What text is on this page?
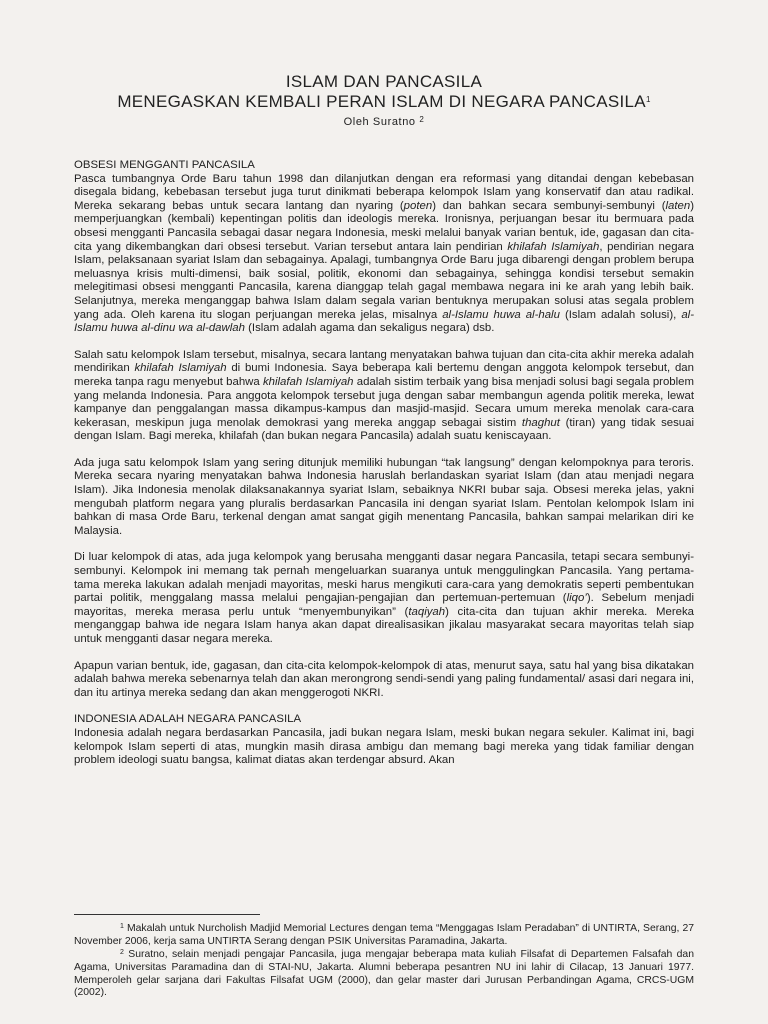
ISLAM DAN PANCASILA
MENEGASKAN KEMBALI PERAN ISLAM DI NEGARA PANCASILA$^1$
Oleh Suratno $^2$
OBSESI MENGGANTI PANCASILA

Pasca tumbangnya Orde Baru tahun 1998 dan dilanjutkan dengan era reformasi yang ditandai dengan kebebasan disegala bidang, kebebasan tersebut juga turut dinikmati beberapa kelompok Islam yang konservatif dan atau radikal. Mereka sekarang bebas untuk secara lantang dan nyaring (poten) dan bahkan secara sembunyi-sembunyi (laten) memperjuangkan (kembali) kepentingan politis dan ideologis mereka. Ironisnya, perjuangan besar itu bermuara pada obsesi mengganti Pancasila sebagai dasar negara Indonesia, meski melalui banyak varian bentuk, ide, gagasan dan cita-cita yang dikembangkan dari obsesi tersebut. Varian tersebut antara lain pendirian khilafah Islamiyah, pendirian negara Islam, pelaksanaan syariat Islam dan sebagainya. Apalagi, tumbangnya Orde Baru juga dibarengi dengan problem berupa meluasnya krisis multi-dimensi, baik sosial, politik, ekonomi dan sebagainya, sehingga kondisi tersebut semakin melegitimasi obsesi mengganti Pancasila, karena dianggap telah gagal membawa negara ini ke arah yang lebih baik. Selanjutnya, mereka menganggap bahwa Islam dalam segala varian bentuknya merupakan solusi atas segala problem yang ada. Oleh karena itu slogan perjuangan mereka jelas, misalnya al-Islamu huwa al-halu (Islam adalah solusi), al-Islamu huwa al-dinu wa al-dawlah (Islam adalah agama dan sekaligus negara) dsb.

Salah satu kelompok Islam tersebut, misalnya, secara lantang menyatakan bahwa tujuan dan cita-cita akhir mereka adalah mendirikan khilafah Islamiyah di bumi Indonesia. Saya beberapa kali bertemu dengan anggota kelompok tersebut, dan mereka tanpa ragu menyebut bahwa khilafah Islamiyah adalah sistim terbaik yang bisa menjadi solusi bagi segala problem yang melanda Indonesia. Para anggota kelompok tersebut juga dengan sabar membangun agenda politik mereka, lewat kampanye dan penggalangan massa dikampus-kampus dan masjid-masjid. Secara umum mereka menolak cara-cara kekerasan, meskipun juga menolak demokrasi yang mereka anggap sebagai sistim thaghut (tiran) yang tidak sesuai dengan Islam. Bagi mereka, khilafah (dan bukan negara Pancasila) adalah suatu keniscayaan.

Ada juga satu kelompok Islam yang sering ditunjuk memiliki hubungan “tak langsung” dengan kelompoknya para teroris. Mereka secara nyaring menyatakan bahwa Indonesia haruslah berlandaskan syariat Islam (dan atau menjadi negara Islam). Jika Indonesia menolak dilaksanakannya syariat Islam, sebaiknya NKRI bubar saja. Obsesi mereka jelas, yakni mengubah platform negara yang pluralis berdasarkan Pancasila ini dengan syariat Islam. Pentolan kelompok Islam ini bahkan di masa Orde Baru, terkenal dengan amat sangat gigih menentang Pancasila, bahkan sampai melarikan diri ke Malaysia.

Di luar kelompok di atas, ada juga kelompok yang berusaha mengganti dasar negara Pancasila, tetapi secara sembunyi-sembunyi. Kelompok ini memang tak pernah mengeluarkan suaranya untuk menggulingkan Pancasila. Yang pertama-tama mereka lakukan adalah menjadi mayoritas, meski harus mengikuti cara-cara yang demokratis seperti pembentukan partai politik, menggalang massa melalui pengajian-pengajian dan pertemuan-pertemuan (liqo’). Sebelum menjadi mayoritas, mereka merasa perlu untuk “menyembunyikan” (taqiyah) cita-cita dan tujuan akhir mereka. Mereka menganggap bahwa ide negara Islam hanya akan dapat direalisasikan jikalau masyarakat secara mayoritas telah siap untuk mengganti dasar negara mereka.

Apapun varian bentuk, ide, gagasan, dan cita-cita kelompok-kelompok di atas, menurut saya, satu hal yang bisa dikatakan adalah bahwa mereka sebenarnya telah dan akan merongrong sendi-sendi yang paling fundamental/ asasi dari negara ini, dan itu artinya mereka sedang dan akan menggerogoti NKRI.

INDONESIA ADALAH NEGARA PANCASILA

Indonesia adalah negara berdasarkan Pancasila, jadi bukan negara Islam, meski bukan negara sekuler. Kalimat ini, bagi kelompok Islam seperti di atas, mungkin masih dirasa ambigu dan memang bagi mereka yang tidak familiar dengan problem ideologi suatu bangsa, kalimat diatas akan terdengar absurd. Akan

$^1$ Makalah untuk Nurcholish Madjid Memorial Lectures dengan tema “Menggagas Islam Peradaban” di UNTIRTA, Serang, 27 November 2006, kerja sama UNTIRTA Serang dengan PSIK Universitas Paramadina, Jakarta.
$^2$ Suratno, selain menjadi pengajar Pancasila, juga mengajar beberapa mata kuliah Filsafat di Departemen Falsafah dan Agama, Universitas Paramadina dan di STAI-NU, Jakarta. Alumni beberapa pesantren NU ini lahir di Cilacap, 13 Januari 1977. Memperoleh gelar sarjana dari Fakultas Filsafat UGM (2000), dan gelar master dari Jurusan Perbandingan Agama, CRCS-UGM (2002).
